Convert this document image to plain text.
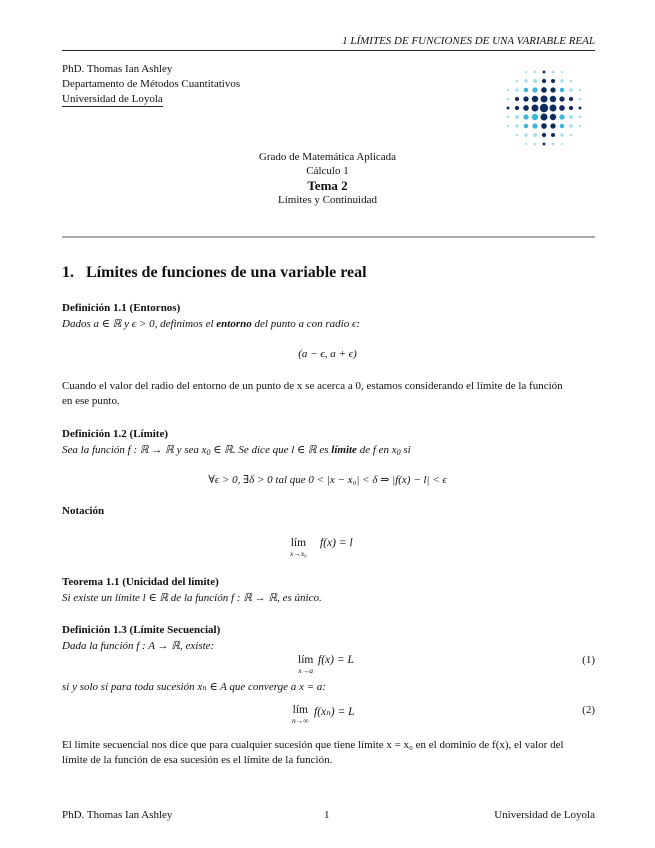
1 LÍMITES DE FUNCIONES DE UNA VARIABLE REAL
PhD. Thomas Ian Ashley
Departamento de Métodos Cuantitativos
Universidad de Loyola
Grado de Matemática Aplicada
Cálculo 1
Tema 2
Límites y Continuidad
1. Límites de funciones de una variable real
Definición 1.1 (Entornos)
Dados a ∈ ℝ y ϵ > 0, definimos el entorno del punto a con radio ϵ:
(a − ϵ, a + ϵ)
Cuando el valor del radio del entorno de un punto de x se acerca a 0, estamos considerando el límite de la función
en ese punto.
Definición 1.2 (Límite)
Sea la función f : ℝ → ℝ y sea $x_0$ ∈ ℝ. Se dice que l ∈ ℝ es límite de f en $x_0$ si
∀ϵ > 0, ∃δ > 0 tal que 0 < |x − x₀| < δ ⇒ |f(x) − l| < ϵ
Notación
lím
x→x₀
f(x) = l
Teorema 1.1 (Unicidad del límite)
Si existe un límite l ∈ ℝ de la función f : ℝ → ℝ, es único.
Definición 1.3 (Límite Secuencial)
Dada la función f : A → ℝ, existe:
lím
x→a
f(x) = L	(1)
si y solo si para toda sucesión xₙ ∈ A que converge a x = a:
lím
n→∞
f(xₙ) = L	(2)
El límite secuencial nos dice que para cualquier sucesión que tiene límite x = x₀ en el dominio de f(x), el valor del
límite de la función de esa sucesión es el límite de la función.
PhD. Thomas Ian Ashley	1	Universidad de Loyola
